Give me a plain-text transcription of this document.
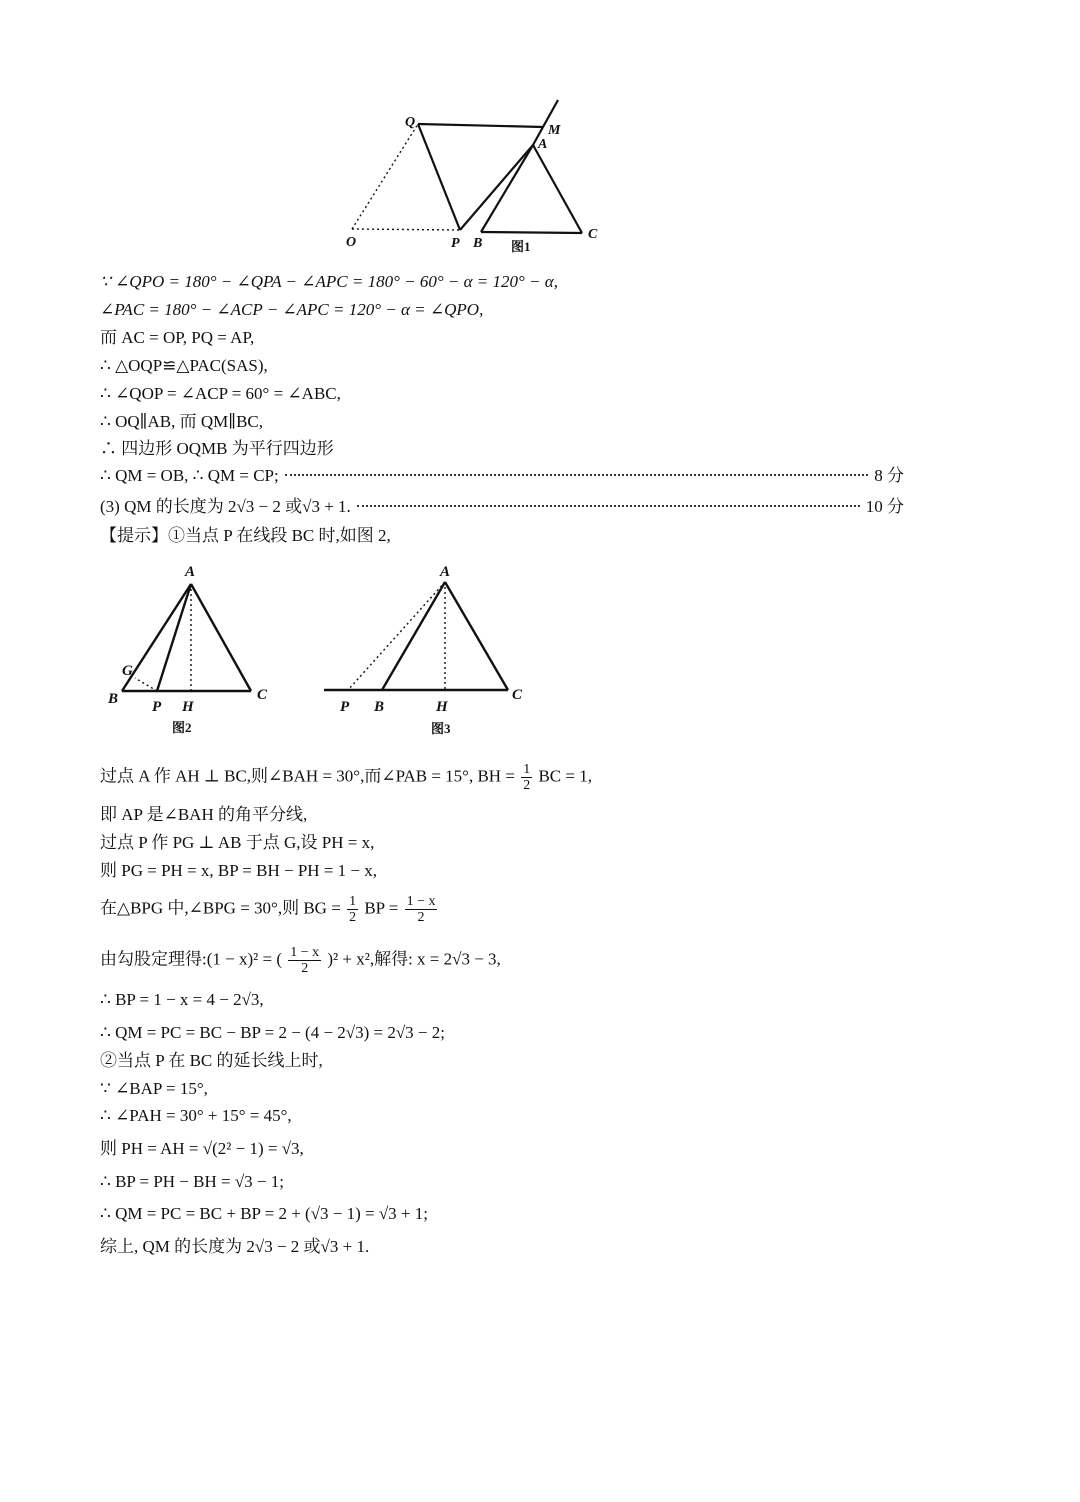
Q
M
A
O	P B
C
图1
∵ ∠QPO = 180° − ∠QPA − ∠APC = 180° − 60° − α = 120° − α,
∠PAC = 180° − ∠ACP − ∠APC = 120° − α = ∠QPO,
而 AC = OP, PQ = AP,
∴ △OQP≌△PAC(SAS),
∴ ∠QOP = ∠ACP = 60° = ∠ABC,
∴ OQ∥AB, 而 QM∥BC,
∴ 四边形 OQMB 为平行四边形
∴ QM = OB, ∴ QM = CP;	8 分
(3) QM 的长度为 2√3 − 2 或√3 + 1.	10 分
【提示】①当点 P 在线段 BC 时,如图 2,
A
G
B P H
C
图2
A
P B	H
C
图3
过点 A 作 AH ⊥ BC,则∠BAH = 30°,而∠PAB = 15°, BH = $\frac{1}{2}$ BC = 1,
即 AP 是∠BAH 的角平分线,
过点 P 作 PG ⊥ AB 于点 G,设 PH = x,
则 PG = PH = x, BP = BH − PH = 1 − x,
在△BPG 中,∠BPG = 30°,则 BG = $\frac{1}{2}$ BP = $\frac{1 - x}{2}$
由勾股定理得:(1 − x)² = ( $\frac{1 - x}{2} )^2 + x^2$,解得: x = 2√3 − 3,
∴ BP = 1 − x = 4 − 2√3,
∴ QM = PC = BC − BP = 2 − (4 − 2√3) = 2√3 − 2;
②当点 P 在 BC 的延长线上时,
∵ ∠BAP = 15°,
∴ ∠PAH = 30° + 15° = 45°,
则 PH = AH = √(2² − 1) = √3,
∴ BP = PH − BH = √3 − 1;
∴ QM = PC = BC + BP = 2 + (√3 − 1) = √3 + 1;
综上, QM 的长度为 2√3 − 2 或√3 + 1.
